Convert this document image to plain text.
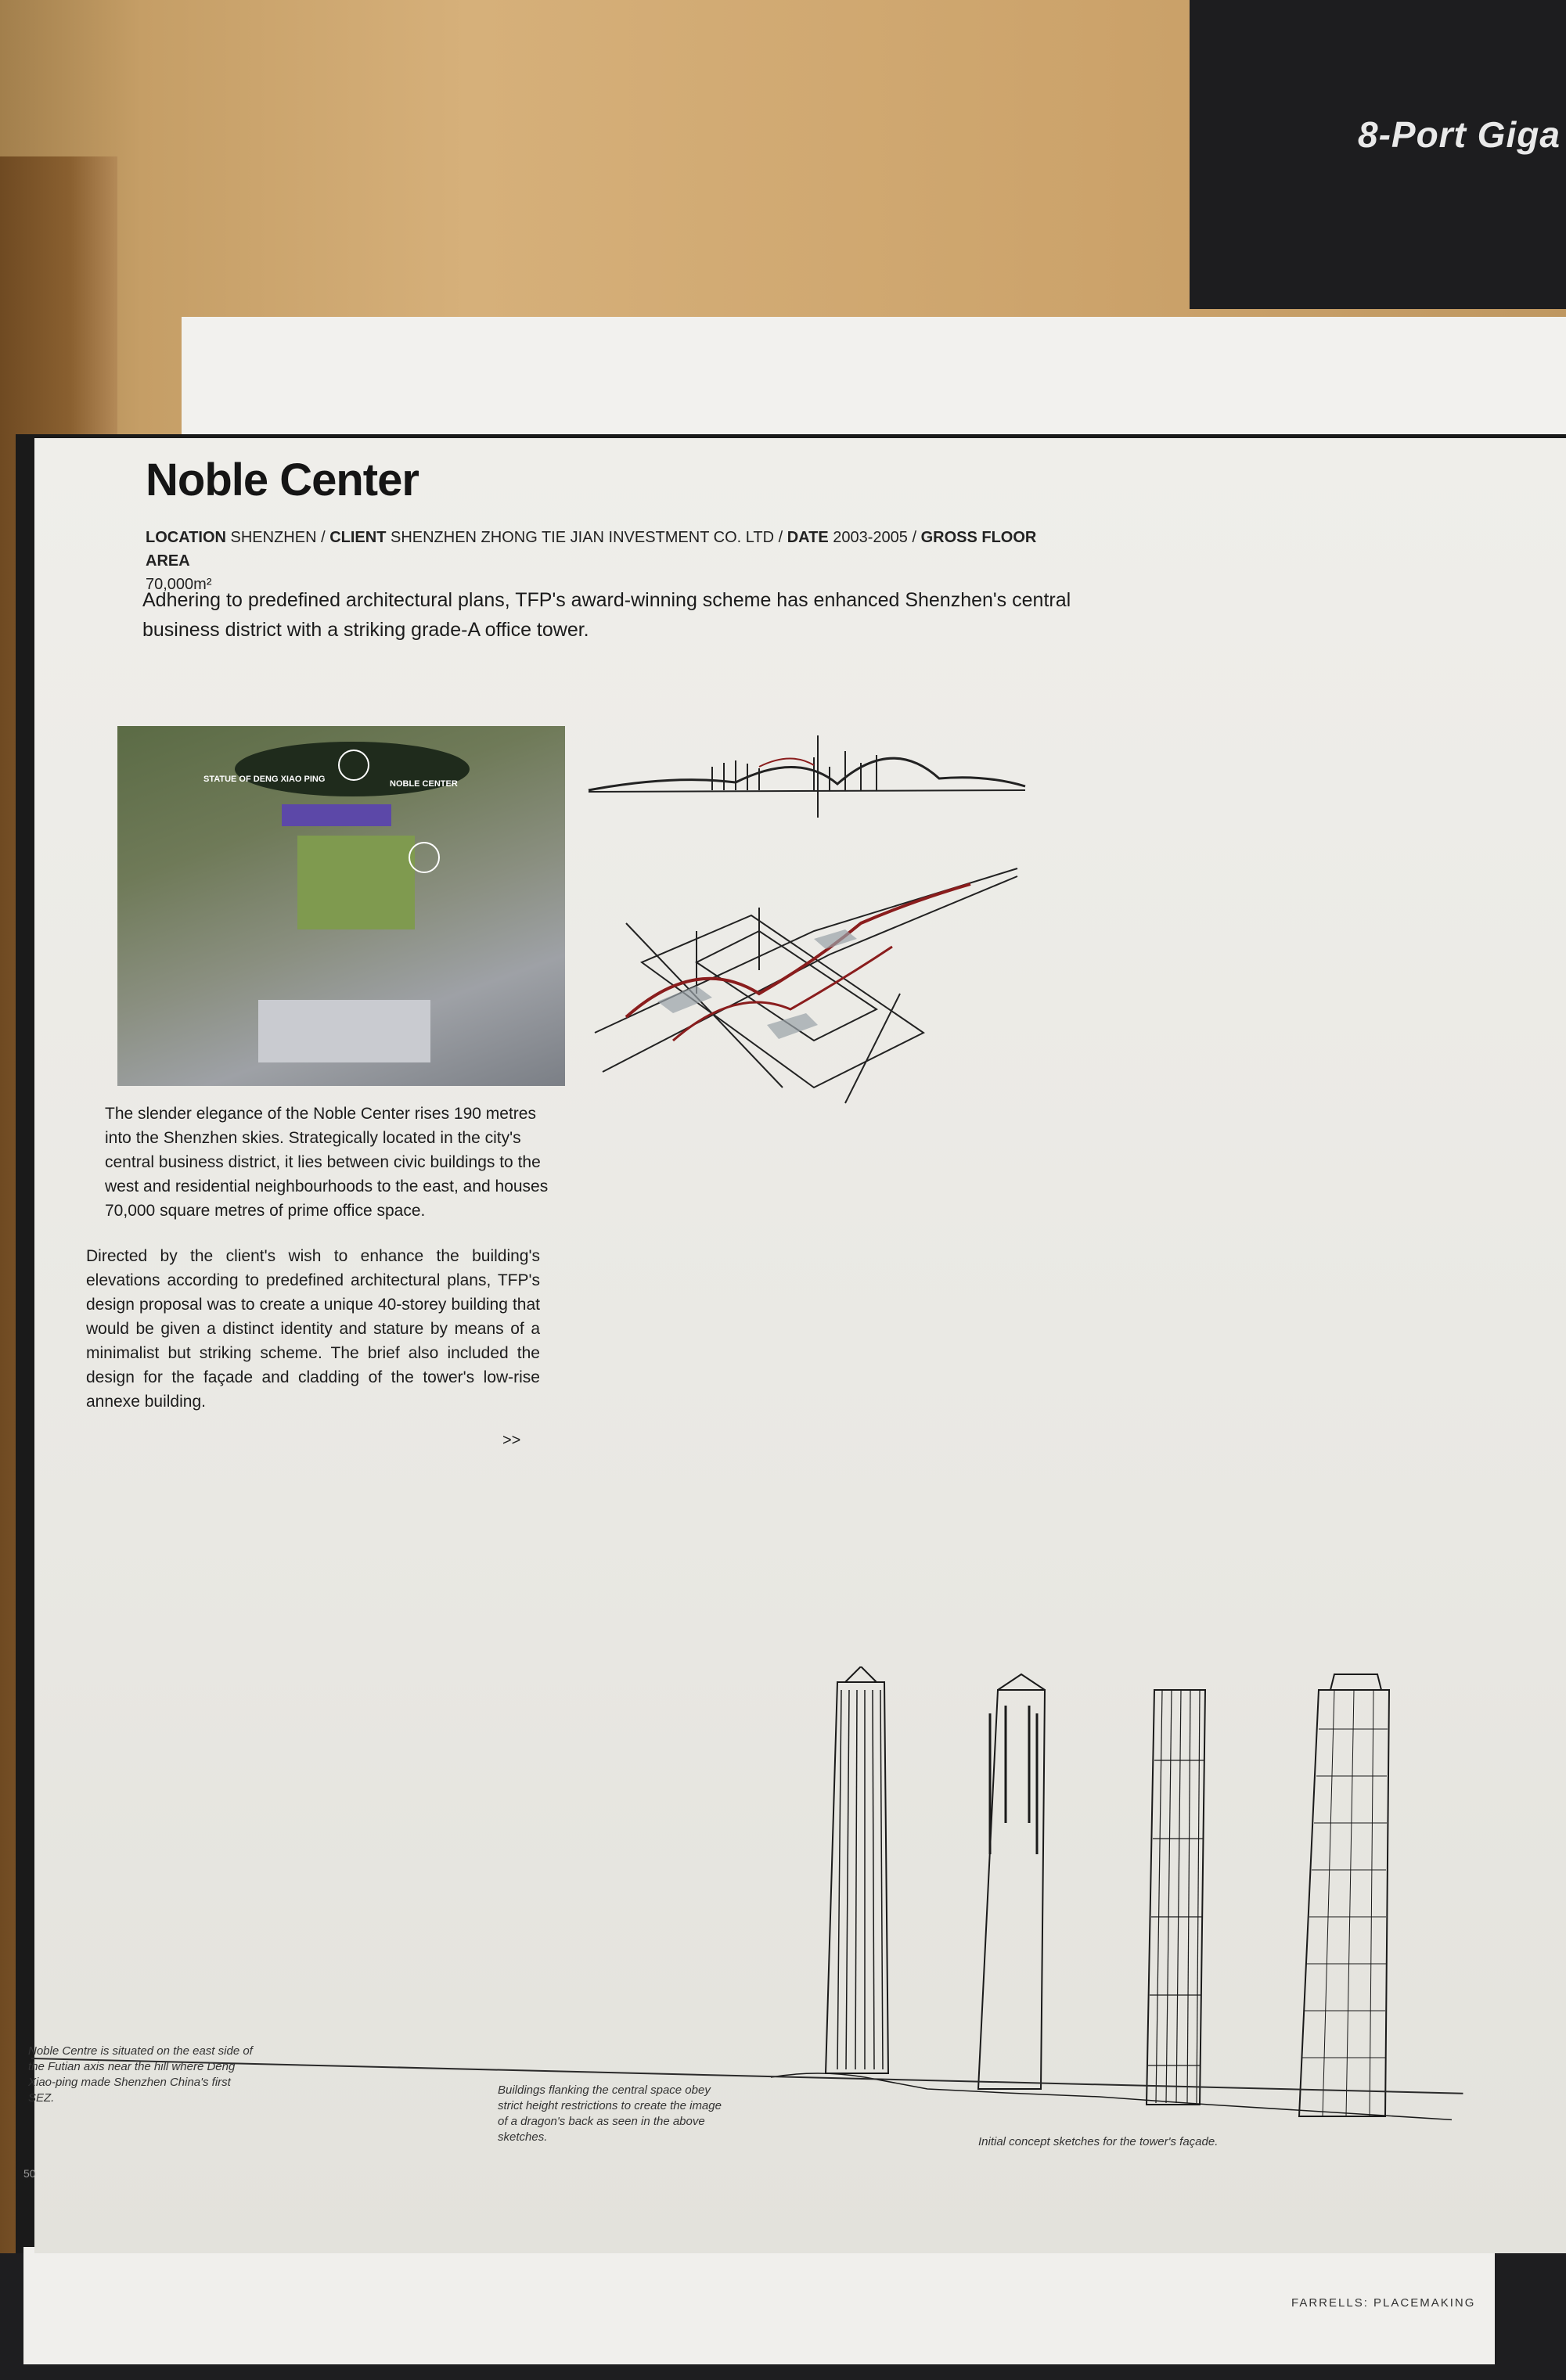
8-Port Giga
Noble Center
LOCATION SHENZHEN / CLIENT SHENZHEN ZHONG TIE JIAN INVESTMENT CO. LTD / DATE 2003-2005 / GROSS FLOOR AREA
70,000m²
Adhering to predefined architectural plans, TFP's award-winning scheme has enhanced Shenzhen's central business district with a striking grade-A office tower.
STATUE OF DENG XIAO PING	NOBLE CENTER
The slender elegance of the Noble Center rises 190 metres into the Shenzhen skies. Strategically located in the city's central business district, it lies between civic buildings to the west and residential neighbourhoods to the east, and houses 70,000 square metres of prime office space.
Directed by the client's wish to enhance the building's elevations according to predefined architectural plans, TFP's design proposal was to create a unique 40-storey building that would be given a distinct identity and stature by means of a minimalist but striking scheme. The brief also included the design for the façade and cladding of the tower's low-rise annexe building.
>>
Noble Centre is situated on the east side of the Futian axis near the hill where Deng Xiao-ping made Shenzhen China's first SEZ.
Buildings flanking the central space obey strict height restrictions to create the image of a dragon's back as seen in the above sketches.	Initial concept sketches for the tower's façade.
50
FARRELLS: PLACEMAKING
